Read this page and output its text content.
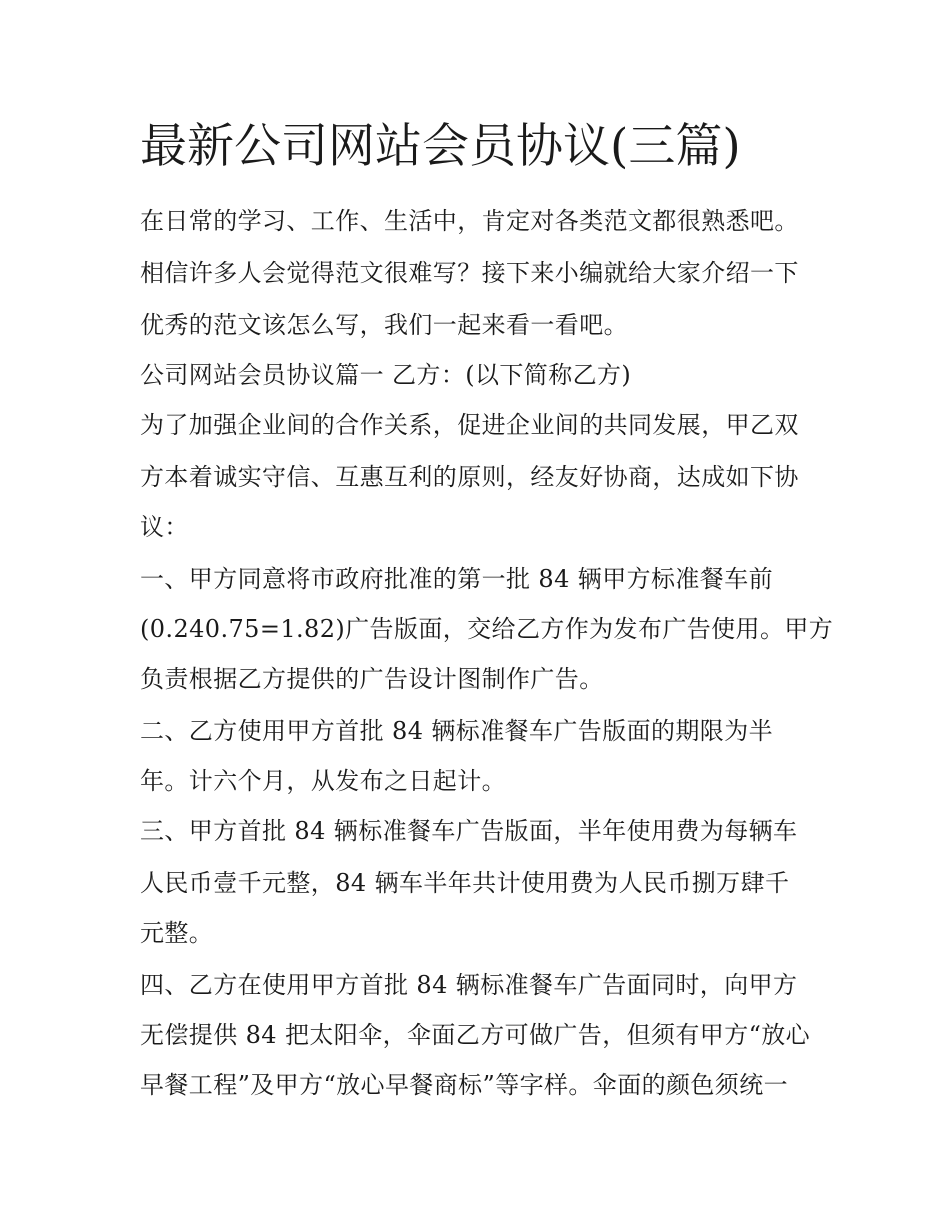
最新公司网站会员协议(三篇)

在日常的学习、工作、生活中，肯定对各类范文都很熟悉吧。

相信许多人会觉得范文很难写？接下来小编就给大家介绍一下

优秀的范文该怎么写，我们一起来看一看吧。

公司网站会员协议篇一 乙方：(以下简称乙方)

为了加强企业间的合作关系，促进企业间的共同发展，甲乙双

方本着诚实守信、互惠互利的原则，经友好协商，达成如下协

议：

一、甲方同意将市政府批准的第一批 84 辆甲方标准餐车前

(0.240.75=1.82)广告版面，交给乙方作为发布广告使用。甲方

负责根据乙方提供的广告设计图制作广告。

二、乙方使用甲方首批 84 辆标准餐车广告版面的期限为半

年。计六个月，从发布之日起计。

三、甲方首批 84 辆标准餐车广告版面，半年使用费为每辆车

人民币壹千元整，84 辆车半年共计使用费为人民币捌万肆千

元整。

四、乙方在使用甲方首批 84 辆标准餐车广告面同时，向甲方

无偿提供 84 把太阳伞，伞面乙方可做广告，但须有甲方“放心

早餐工程”及甲方“放心早餐商标”等字样。伞面的颜色须统一
